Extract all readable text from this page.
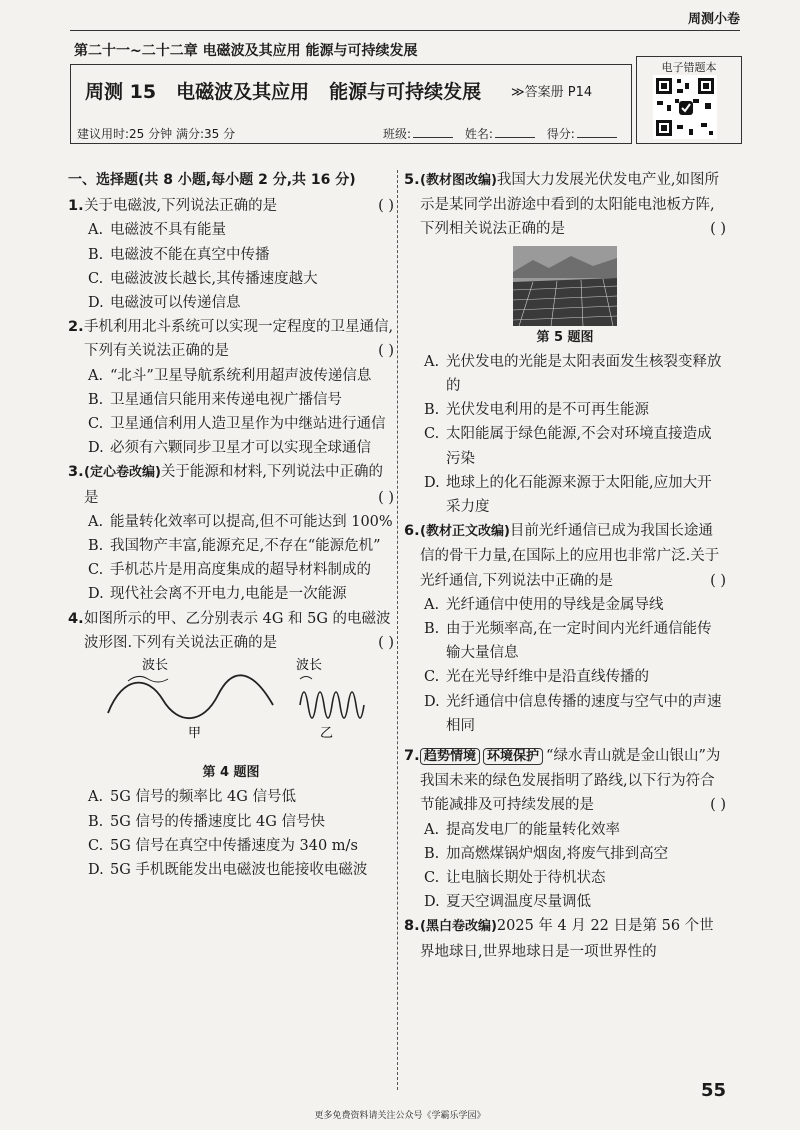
周测小卷
第二十一~二十二章 电磁波及其应用 能源与可持续发展
周测 15 电磁波及其应用 能源与可持续发展	≫答案册 P14
建议用时:25 分钟 满分:35 分	班级:	姓名:	得分:
电子错题本
一、选择题(共 8 小题,每小题 2 分,共 16 分)
1. 关于电磁波,下列说法正确的是	( )
A. 电磁波不具有能量
B. 电磁波不能在真空中传播
C. 电磁波波长越长,其传播速度越大
D. 电磁波可以传递信息
2. 手机利用北斗系统可以实现一定程度的卫星通信,下列有关说法正确的是	( )
A. “北斗”卫星导航系统利用超声波传递信息
B. 卫星通信只能用来传递电视广播信号
C. 卫星通信利用人造卫星作为中继站进行通信
D. 必须有六颗同步卫星才可以实现全球通信
3. (定心卷改编)关于能源和材料,下列说法中正确的是	( )
A. 能量转化效率可以提高,但不可能达到 100%
B. 我国物产丰富,能源充足,不存在“能源危机”
C. 手机芯片是用高度集成的超导材料制成的
D. 现代社会离不开电力,电能是一次能源
4. 如图所示的甲、乙分别表示 4G 和 5G 的电磁波波形图.下列有关说法正确的是	( )
波长	波长
甲	乙
第 4 题图
A. 5G 信号的频率比 4G 信号低
B. 5G 信号的传播速度比 4G 信号快
C. 5G 信号在真空中传播速度为 340 m/s
D. 5G 手机既能发出电磁波也能接收电磁波
5. (教材图改编)我国大力发展光伏发电产业,如图所示是某同学出游途中看到的太阳能电池板方阵,下列相关说法正确的是	( )
第 5 题图
A. 光伏发电的光能是太阳表面发生核裂变释放的
B. 光伏发电利用的是不可再生能源
C. 太阳能属于绿色能源,不会对环境直接造成污染
D. 地球上的化石能源来源于太阳能,应加大开采力度
6. (教材正文改编)目前光纤通信已成为我国长途通信的骨干力量,在国际上的应用也非常广泛.关于光纤通信,下列说法中正确的是	( )
A. 光纤通信中使用的导线是金属导线
B. 由于光频率高,在一定时间内光纤通信能传输大量信息
C. 光在光导纤维中是沿直线传播的
D. 光纤通信中信息传播的速度与空气中的声速相同
7. 趋势情境 环境保护 “绿水青山就是金山银山”为我国未来的绿色发展指明了路线,以下行为符合节能减排及可持续发展的是	( )
A. 提高发电厂的能量转化效率
B. 加高燃煤锅炉烟囱,将废气排到高空
C. 让电脑长期处于待机状态
D. 夏天空调温度尽量调低
8. (黑白卷改编)2025 年 4 月 22 日是第 56 个世界地球日,世界地球日是一项世界性的
55
更多免费资料请关注公众号《学霸乐学园》
